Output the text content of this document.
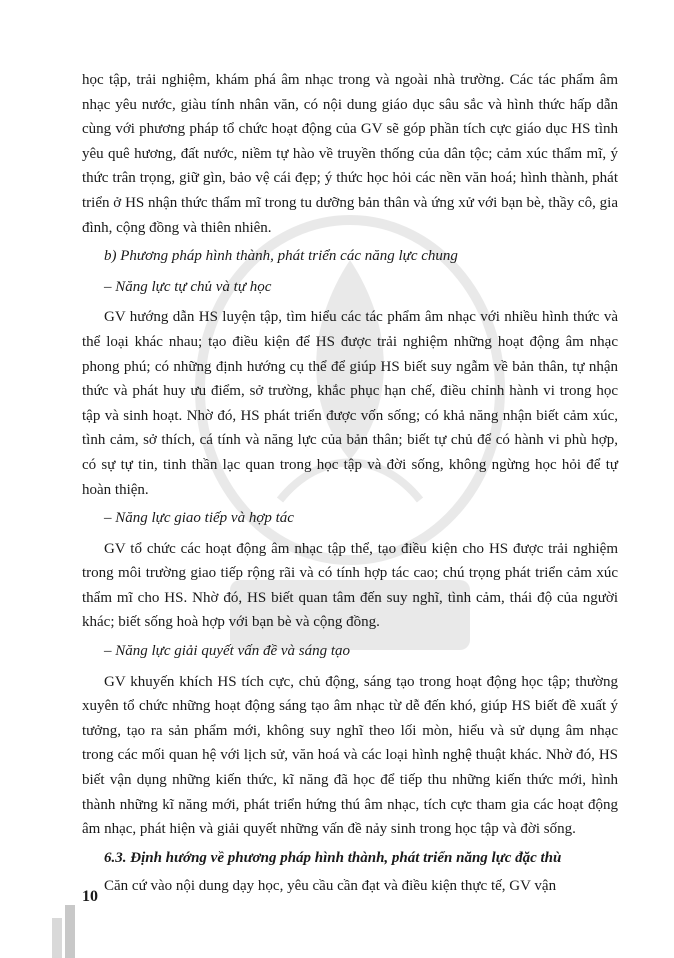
học tập, trải nghiệm, khám phá âm nhạc trong và ngoài nhà trường. Các tác phẩm âm nhạc yêu nước, giàu tính nhân văn, có nội dung giáo dục sâu sắc và hình thức hấp dẫn cùng với phương pháp tổ chức hoạt động của GV sẽ góp phần tích cực giáo dục HS tình yêu quê hương, đất nước, niềm tự hào về truyền thống của dân tộc; cảm xúc thẩm mĩ, ý thức trân trọng, giữ gìn, bảo vệ cái đẹp; ý thức học hỏi các nền văn hoá; hình thành, phát triển ở HS nhận thức thẩm mĩ trong tu dưỡng bản thân và ứng xử với bạn bè, thầy cô, gia đình, cộng đồng và thiên nhiên.

b) Phương pháp hình thành, phát triển các năng lực chung

– Năng lực tự chủ và tự học

GV hướng dẫn HS luyện tập, tìm hiểu các tác phẩm âm nhạc với nhiều hình thức và thể loại khác nhau; tạo điều kiện để HS được trải nghiệm những hoạt động âm nhạc phong phú; có những định hướng cụ thể để giúp HS biết suy ngẫm về bản thân, tự nhận thức và phát huy ưu điểm, sở trường, khắc phục hạn chế, điều chỉnh hành vi trong học tập và sinh hoạt. Nhờ đó, HS phát triển được vốn sống; có khả năng nhận biết cảm xúc, tình cảm, sở thích, cá tính và năng lực của bản thân; biết tự chủ để có hành vi phù hợp, có sự tự tin, tinh thần lạc quan trong học tập và đời sống, không ngừng học hỏi để tự hoàn thiện.

– Năng lực giao tiếp và hợp tác

GV tổ chức các hoạt động âm nhạc tập thể, tạo điều kiện cho HS được trải nghiệm trong môi trường giao tiếp rộng rãi và có tính hợp tác cao; chú trọng phát triển cảm xúc thẩm mĩ cho HS. Nhờ đó, HS biết quan tâm đến suy nghĩ, tình cảm, thái độ của người khác; biết sống hoà hợp với bạn bè và cộng đồng.

– Năng lực giải quyết vấn đề và sáng tạo

GV khuyến khích HS tích cực, chủ động, sáng tạo trong hoạt động học tập; thường xuyên tổ chức những hoạt động sáng tạo âm nhạc từ dễ đến khó, giúp HS biết đề xuất ý tưởng, tạo ra sản phẩm mới, không suy nghĩ theo lối mòn, hiểu và sử dụng âm nhạc trong các mối quan hệ với lịch sử, văn hoá và các loại hình nghệ thuật khác. Nhờ đó, HS biết vận dụng những kiến thức, kĩ năng đã học để tiếp thu những kiến thức mới, hình thành những kĩ năng mới, phát triển hứng thú âm nhạc, tích cực tham gia các hoạt động âm nhạc, phát hiện và giải quyết những vấn đề nảy sinh trong học tập và đời sống.

6.3. Định hướng về phương pháp hình thành, phát triển năng lực đặc thù

Căn cứ vào nội dung dạy học, yêu cầu cần đạt và điều kiện thực tế, GV vận

10
